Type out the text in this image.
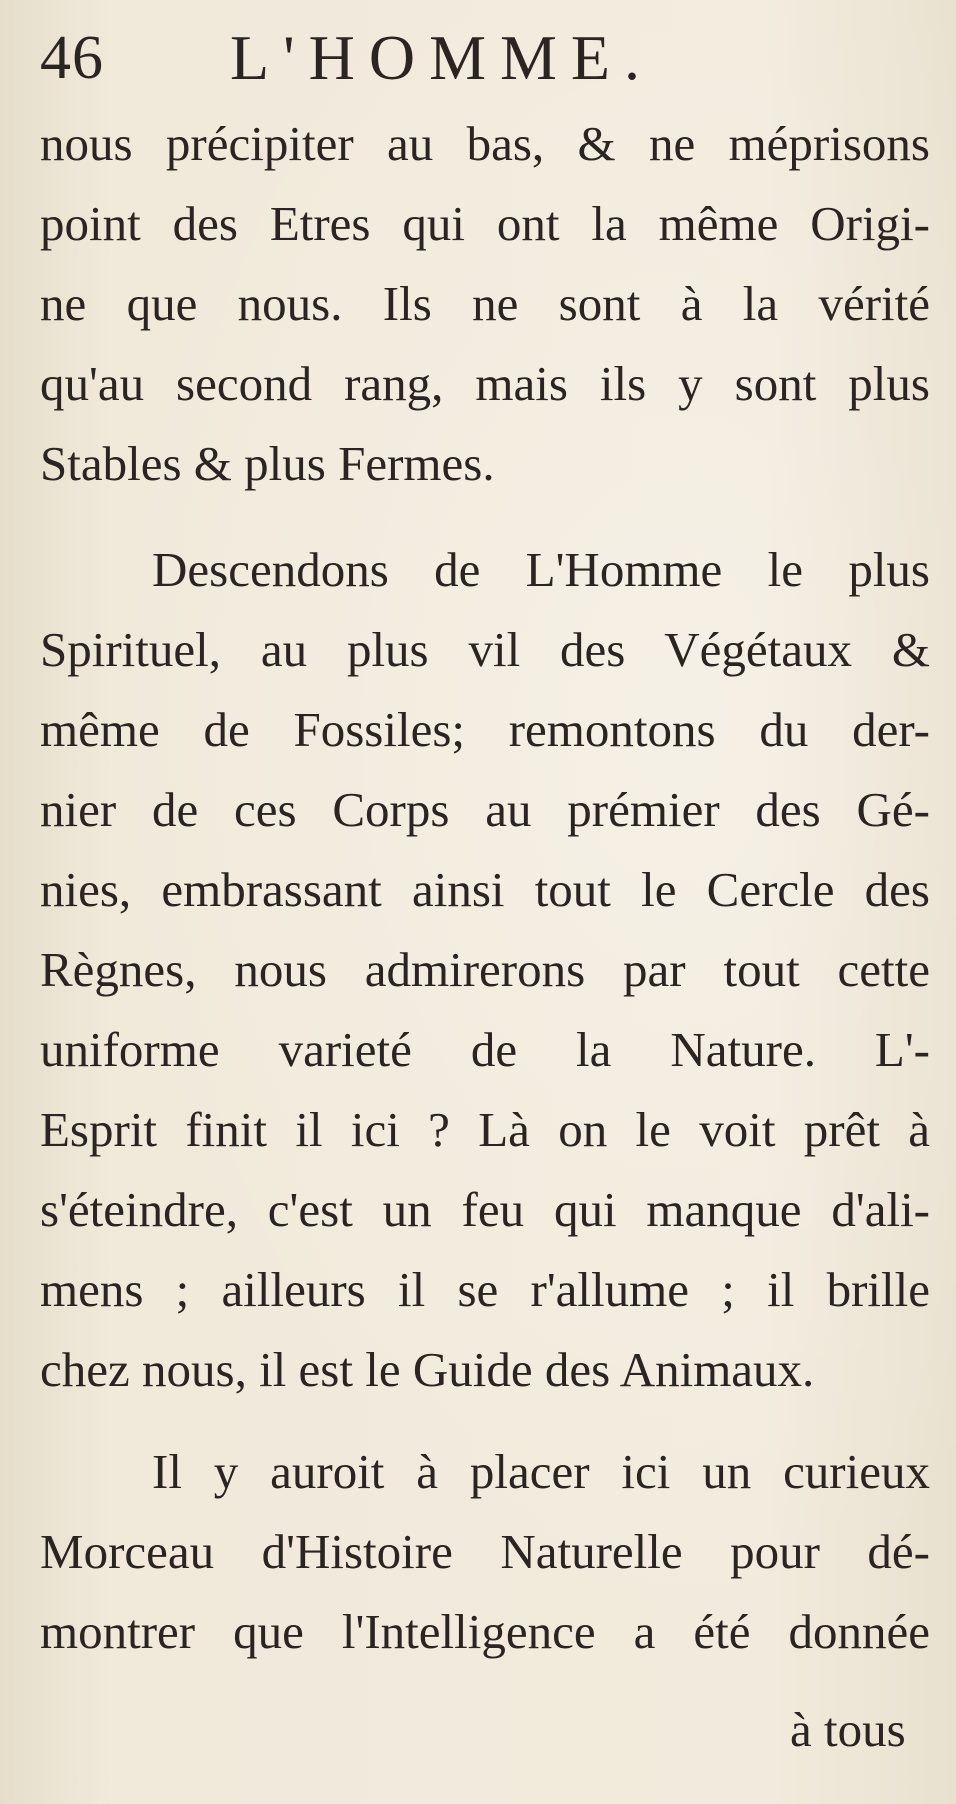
46 L'HOMME.
nous précipiter au bas, & ne méprisons
point des Etres qui ont la même Origi-
ne que nous. Ils ne sont à la vérité
qu'au second rang, mais ils y sont plus
Stables & plus Fermes.
Descendons de L'Homme le plus
Spirituel, au plus vil des Végétaux &
même de Fossiles; remontons du der-
nier de ces Corps au prémier des Gé-
nies, embrassant ainsi tout le Cercle des
Règnes, nous admirerons par tout cette
uniforme varieté de la Nature. L'-
Esprit finit il ici ? Là on le voit prêt à
s'éteindre, c'est un feu qui manque d'ali-
mens ; ailleurs il se r'allume ; il brille
chez nous, il est le Guide des Animaux.
Il y auroit à placer ici un curieux
Morceau d'Histoire Naturelle pour dé-
montrer que l'Intelligence a été donnée
à tous
